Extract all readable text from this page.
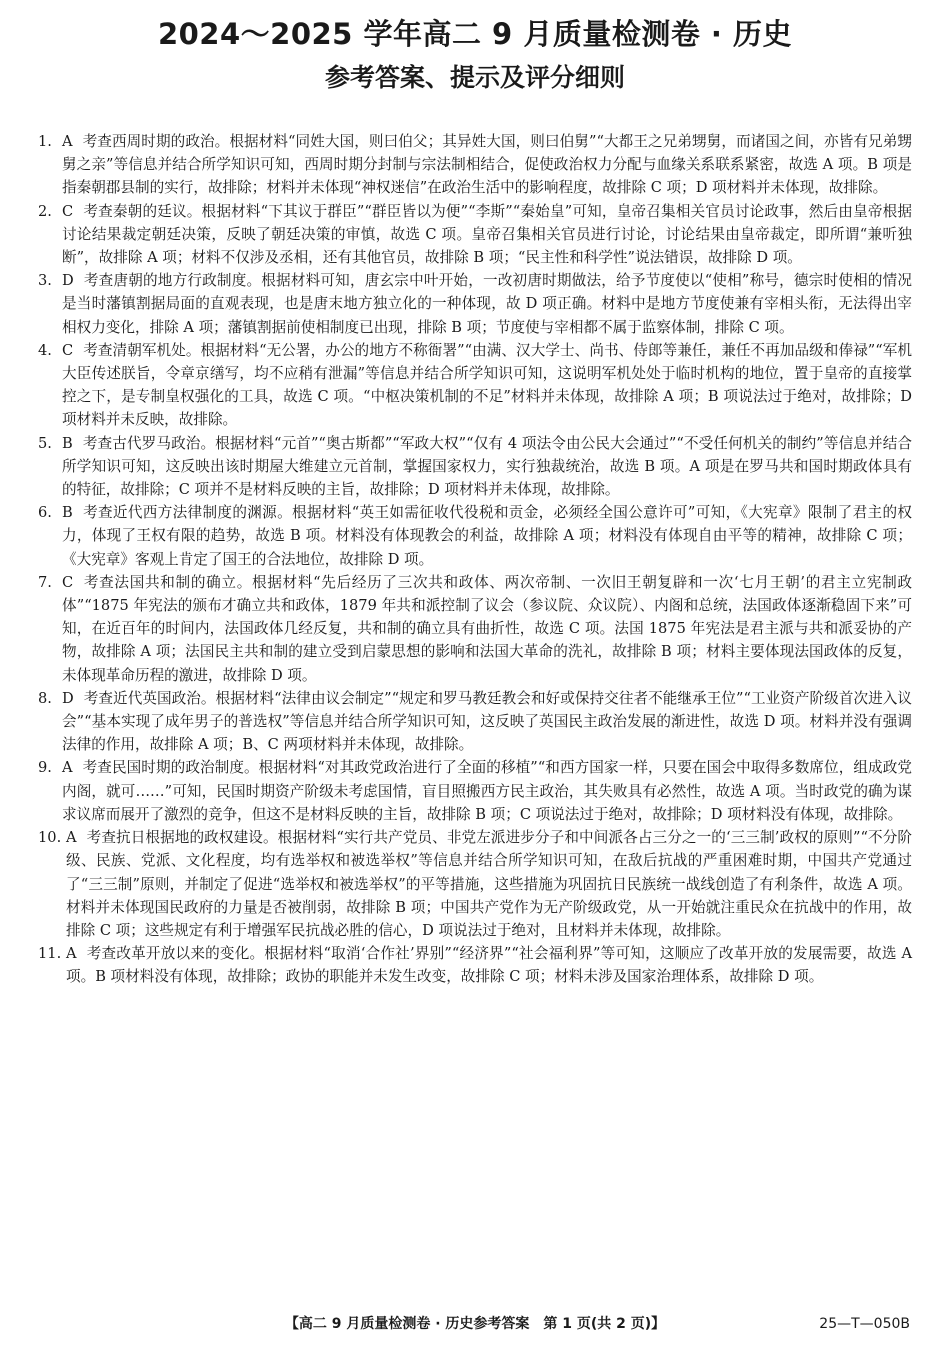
2024～2025 学年高二 9 月质量检测卷 · 历史
参考答案、提示及评分细则
1. A 考查西周时期的政治。根据材料“同姓大国，则曰伯父；其异姓大国，则曰伯舅”“大都王之兄弟甥舅，而诸国之间，亦皆有兄弟甥舅之亲”等信息并结合所学知识可知，西周时期分封制与宗法制相结合，促使政治权力分配与血缘关系联系紧密，故选 A 项。B 项是指秦朝郡县制的实行，故排除；材料并未体现“神权迷信”在政治生活中的影响程度，故排除 C 项；D 项材料并未体现，故排除。
2. C 考查秦朝的廷议。根据材料“下其议于群臣”“群臣皆以为便”“李斯”“秦始皇”可知，皇帝召集相关官员讨论政事，然后由皇帝根据讨论结果裁定朝廷决策，反映了朝廷决策的审慎，故选 C 项。皇帝召集相关官员进行讨论，讨论结果由皇帝裁定，即所谓“兼听独断”，故排除 A 项；材料不仅涉及丞相，还有其他官员，故排除 B 项；“民主性和科学性”说法错误，故排除 D 项。
3. D 考查唐朝的地方行政制度。根据材料可知，唐玄宗中叶开始，一改初唐时期做法，给予节度使以“使相”称号，德宗时使相的情况是当时藩镇割据局面的直观表现，也是唐末地方独立化的一种体现，故 D 项正确。材料中是地方节度使兼有宰相头衔，无法得出宰相权力变化，排除 A 项；藩镇割据前使相制度已出现，排除 B 项；节度使与宰相都不属于监察体制，排除 C 项。
4. C 考查清朝军机处。根据材料“无公署，办公的地方不称衙署”“由满、汉大学士、尚书、侍郎等兼任，兼任不再加品级和俸禄”“军机大臣传述朕旨，令章京缮写，均不应稍有泄漏”等信息并结合所学知识可知，这说明军机处处于临时机构的地位，置于皇帝的直接掌控之下，是专制皇权强化的工具，故选 C 项。“中枢决策机制的不足”材料并未体现，故排除 A 项；B 项说法过于绝对，故排除；D 项材料并未反映，故排除。
5. B 考查古代罗马政治。根据材料“元首”“奥古斯都”“军政大权”“仅有 4 项法令由公民大会通过”“不受任何机关的制约”等信息并结合所学知识可知，这反映出该时期屋大维建立元首制，掌握国家权力，实行独裁统治，故选 B 项。A 项是在罗马共和国时期政体具有的特征，故排除；C 项并不是材料反映的主旨，故排除；D 项材料并未体现，故排除。
6. B 考查近代西方法律制度的渊源。根据材料“英王如需征收代役税和贡金，必须经全国公意许可”可知，《大宪章》限制了君主的权力，体现了王权有限的趋势，故选 B 项。材料没有体现教会的利益，故排除 A 项；材料没有体现自由平等的精神，故排除 C 项；《大宪章》客观上肯定了国王的合法地位，故排除 D 项。
7. C 考查法国共和制的确立。根据材料“先后经历了三次共和政体、两次帝制、一次旧王朝复辟和一次‘七月王朝’的君主立宪制政体”“1875 年宪法的颁布才确立共和政体，1879 年共和派控制了议会（参议院、众议院）、内阁和总统，法国政体逐渐稳固下来”可知，在近百年的时间内，法国政体几经反复，共和制的确立具有曲折性，故选 C 项。法国 1875 年宪法是君主派与共和派妥协的产物，故排除 A 项；法国民主共和制的建立受到启蒙思想的影响和法国大革命的洗礼，故排除 B 项；材料主要体现法国政体的反复，未体现革命历程的激进，故排除 D 项。
8. D 考查近代英国政治。根据材料“法律由议会制定”“规定和罗马教廷教会和好或保持交往者不能继承王位”“工业资产阶级首次进入议会”“基本实现了成年男子的普选权”等信息并结合所学知识可知，这反映了英国民主政治发展的渐进性，故选 D 项。材料并没有强调法律的作用，故排除 A 项；B、C 两项材料并未体现，故排除。
9. A 考查民国时期的政治制度。根据材料“对其政党政治进行了全面的移植”“和西方国家一样，只要在国会中取得多数席位，组成政党内阁，就可……”可知，民国时期资产阶级未考虑国情，盲目照搬西方民主政治，其失败具有必然性，故选 A 项。当时政党的确为谋求议席而展开了激烈的竞争，但这不是材料反映的主旨，故排除 B 项；C 项说法过于绝对，故排除；D 项材料没有体现，故排除。
10. A 考查抗日根据地的政权建设。根据材料“实行共产党员、非党左派进步分子和中间派各占三分之一的‘三三制’政权的原则”“不分阶级、民族、党派、文化程度，均有选举权和被选举权”等信息并结合所学知识可知，在敌后抗战的严重困难时期，中国共产党通过了“三三制”原则，并制定了促进“选举权和被选举权”的平等措施，这些措施为巩固抗日民族统一战线创造了有利条件，故选 A 项。材料并未体现国民政府的力量是否被削弱，故排除 B 项；中国共产党作为无产阶级政党，从一开始就注重民众在抗战中的作用，故排除 C 项；这些规定有利于增强军民抗战必胜的信心，D 项说法过于绝对，且材料并未体现，故排除。
11. A 考查改革开放以来的变化。根据材料“取消‘合作社’界别”“经济界”“社会福利界”等可知，这顺应了改革开放的发展需要，故选 A 项。B 项材料没有体现，故排除；政协的职能并未发生改变，故排除 C 项；材料未涉及国家治理体系，故排除 D 项。
【高二 9 月质量检测卷 · 历史参考答案　第 1 页(共 2 页)】	25—T—050B
